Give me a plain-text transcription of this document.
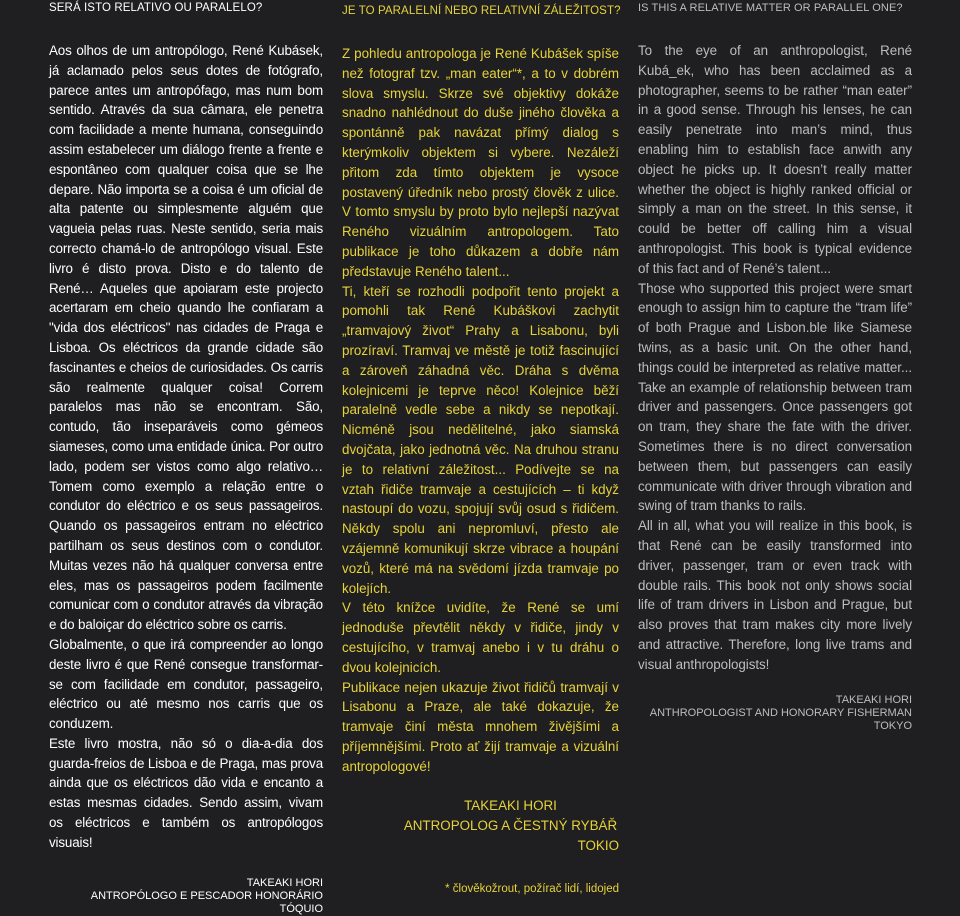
SERÁ ISTO RELATIVO OU PARALELO?

Aos olhos de um antropólogo, René Kubásek, já aclamado pelos seus dotes de fotógrafo, parece antes um antropófago, mas num bom sentido. Através da sua câmara, ele penetra com facilidade a mente humana, conseguindo assim estabelecer um diálogo frente a frente e espontâneo com qualquer coisa que se lhe depare. Não importa se a coisa é um oficial de alta patente ou simplesmente alguém que vagueia pelas ruas. Neste sentido, seria mais correcto chamá-lo de antropólogo visual. Este livro é disto prova. Disto e do talento de René… Aqueles que apoiaram este projecto acertaram em cheio quando lhe confiaram a "vida dos eléctricos" nas cidades de Praga e Lisboa. Os eléctricos da grande cidade são fascinantes e cheios de curiosidades. Os carris são realmente qualquer coisa! Correm paralelos mas não se encontram. São, contudo, tão inseparáveis como gémeos siameses, como uma entidade única. Por outro lado, podem ser vistos como algo relativo… Tomem como exemplo a relação entre o condutor do eléctrico e os seus passageiros. Quando os passageiros entram no eléctrico partilham os seus destinos com o condutor. Muitas vezes não há qualquer conversa entre eles, mas os passageiros podem facilmente comunicar com o condutor através da vibração e do baloiçar do eléctrico sobre os carris.

Globalmente, o que irá compreender ao longo deste livro é que René consegue transformar-se com facilidade em condutor, passageiro, eléctrico ou até mesmo nos carris que os conduzem.

Este livro mostra, não só o dia-a-dia dos guarda-freios de Lisboa e de Praga, mas prova ainda que os eléctricos dão vida e encanto a estas mesmas cidades. Sendo assim, vivam os eléctricos e também os antropólogos visuais!

TAKEAKI HORI
ANTROPÓLOGO E PESCADOR HONORÁRIO
TÓQUIO
JE TO PARALELNÍ NEBO RELATIVNÍ ZÁLEŽITOST?

Z pohledu antropologa je René Kubášek spíše než fotograf tzv. „man eater“*, a to v dobrém slova smyslu. Skrze své objektivy dokáže snadno nahlédnout do duše jiného člověka a spontánně pak navázat přímý dialog s kterýmkoliv objektem si vybere. Nezáleží přitom zda tímto objektem je vysoce postavený úředník nebo prostý člověk z ulice. V tomto smyslu by proto bylo nejlepší nazývat Reného vizuálním antropologem. Tato publikace je toho důkazem a dobře nám představuje Reného talent...

Ti, kteří se rozhodli podpořit tento projekt a pomohli tak René Kubáškovi zachytit „tramvajový život“ Prahy a Lisabonu, byli prozíraví. Tramvaj ve městě je totiž fascinující a zároveň záhadná věc. Dráha s dvěma kolejnicemi je teprve něco! Kolejnice běží paralelně vedle sebe a nikdy se nepotkají. Nicméně jsou nedělitelné, jako siamská dvojčata, jako jednotná věc. Na druhou stranu je to relativní záležitost... Podívejte se na vztah řidiče tramvaje a cestujících – ti když nastoupí do vozu, spojují svůj osud s řidičem. Někdy spolu ani nepromluví, přesto ale vzájemně komunikují skrze vibrace a houpání vozů, které má na svědomí jízda tramvaje po kolejích.

V této knížce uvidíte, že René se umí jednoduše převtělit někdy v řidiče, jindy v cestujícího, v tramvaj anebo i v tu dráhu o dvou kolejnicích.

Publikace nejen ukazuje život řidičů tramvají v Lisabonu a Praze, ale také dokazuje, že tramvaje činí města mnohem živějšími a příjemnějšími. Proto ať žijí tramvaje a vizuální antropologové!

TAKEAKI HORI
ANTROPOLOG A ČESTNÝ RYBÁŘ
TOKIO
* člověkožrout, požírač lidí, lidojed
IS THIS A RELATIVE MATTER OR PARALLEL ONE?

To the eye of an anthropologist, René Kubá_ek, who has been acclaimed as a photographer, seems to be rather “man eater” in a good sense. Through his lenses, he can easily penetrate into man’s mind, thus enabling him to establish face anwith any object he picks up. It doesn’t really matter whether the object is highly ranked official or simply a man on the street. In this sense, it could be better off calling him a visual anthropologist. This book is typical evidence of this fact and of René’s talent...

Those who supported this project were smart enough to assign him to capture the “tram life” of both Prague and Lisbon.ble like Siamese twins, as a basic unit. On the other hand, things could be interpreted as relative matter... Take an example of relationship between tram driver and passengers. Once passengers got on tram, they share the fate with the driver. Sometimes there is no direct conversation between them, but passengers can easily communicate with driver through vibration and swing of tram thanks to rails.

All in all, what you will realize in this book, is that René can be easily transformed into driver, passenger, tram or even track with double rails. This book not only shows social life of tram drivers in Lisbon and Prague, but also proves that tram makes city more lively and attractive. Therefore, long live trams and visual anthropologists!

TAKEAKI HORI
ANTHROPOLOGIST AND HONORARY FISHERMAN
TOKYO
